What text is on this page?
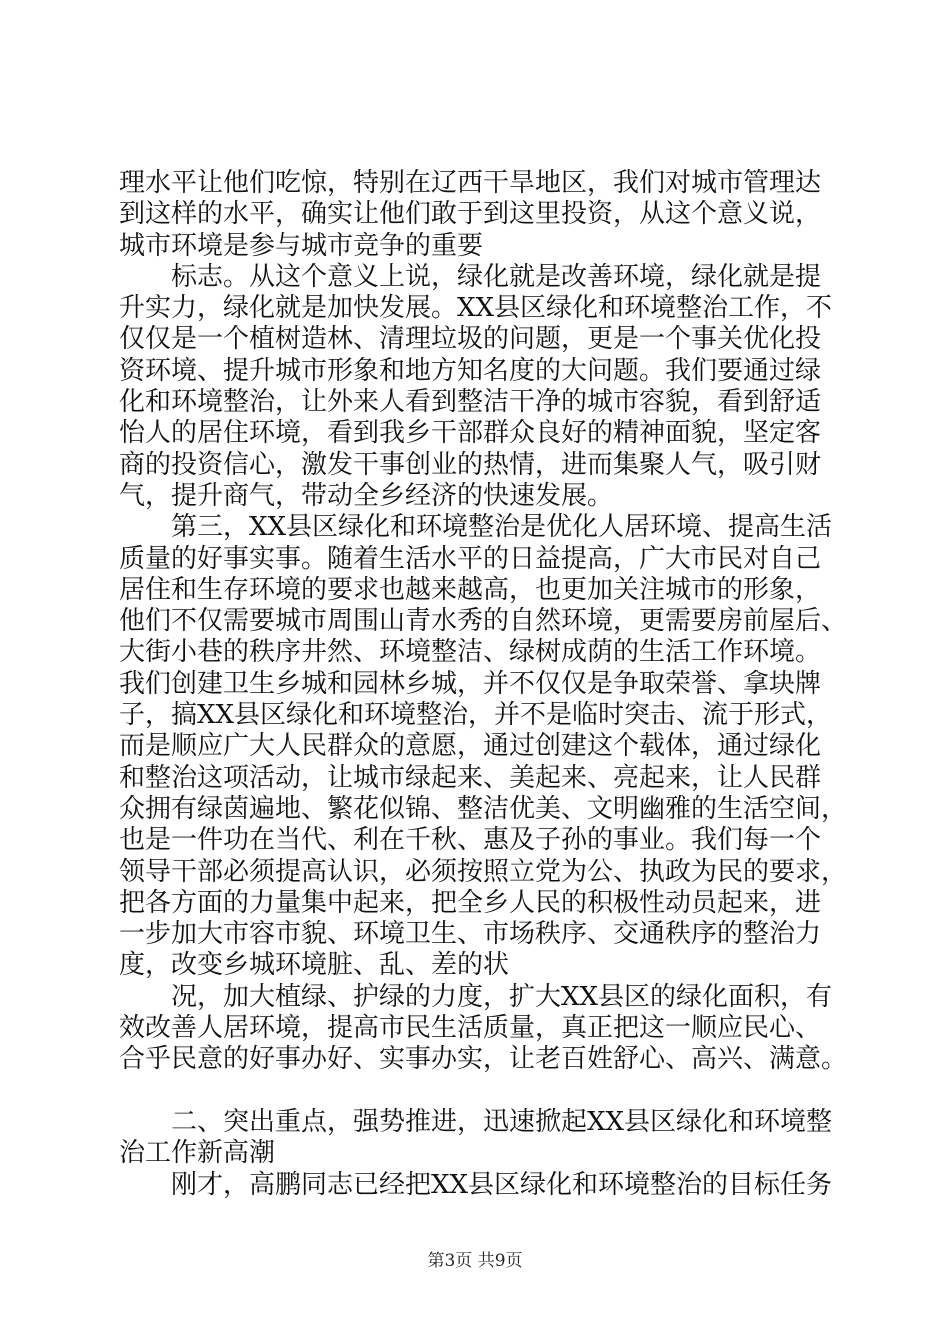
理水平让他们吃惊，特别在辽西干旱地区，我们对城市管理达
到这样的水平，确实让他们敢于到这里投资，从这个意义说，
城市环境是参与城市竞争的重要
标志。从这个意义上说，绿化就是改善环境，绿化就是提
升实力，绿化就是加快发展。XX县区绿化和环境整治工作，不
仅仅是一个植树造林、清理垃圾的问题，更是一个事关优化投
资环境、提升城市形象和地方知名度的大问题。我们要通过绿
化和环境整治，让外来人看到整洁干净的城市容貌，看到舒适
怡人的居住环境，看到我乡干部群众良好的精神面貌，坚定客
商的投资信心，激发干事创业的热情，进而集聚人气，吸引财
气，提升商气，带动全乡经济的快速发展。
第三，XX县区绿化和环境整治是优化人居环境、提高生活
质量的好事实事。随着生活水平的日益提高，广大市民对自己
居住和生存环境的要求也越来越高，也更加关注城市的形象，
他们不仅需要城市周围山青水秀的自然环境，更需要房前屋后、
大街小巷的秩序井然、环境整洁、绿树成荫的生活工作环境。
我们创建卫生乡城和园林乡城，并不仅仅是争取荣誉、拿块牌
子，搞XX县区绿化和环境整治，并不是临时突击、流于形式，
而是顺应广大人民群众的意愿，通过创建这个载体，通过绿化
和整治这项活动，让城市绿起来、美起来、亮起来，让人民群
众拥有绿茵遍地、繁花似锦、整洁优美、文明幽雅的生活空间，
也是一件功在当代、利在千秋、惠及子孙的事业。我们每一个
领导干部必须提高认识，必须按照立党为公、执政为民的要求，
把各方面的力量集中起来，把全乡人民的积极性动员起来，进
一步加大市容市貌、环境卫生、市场秩序、交通秩序的整治力
度，改变乡城环境脏、乱、差的状
况，加大植绿、护绿的力度，扩大XX县区的绿化面积，有
效改善人居环境，提高市民生活质量，真正把这一顺应民心、
合乎民意的好事办好、实事办实，让老百姓舒心、高兴、满意。
二、突出重点，强势推进，迅速掀起XX县区绿化和环境整
治工作新高潮
刚才，高鹏同志已经把XX县区绿化和环境整治的目标任务
第3页 共9页
